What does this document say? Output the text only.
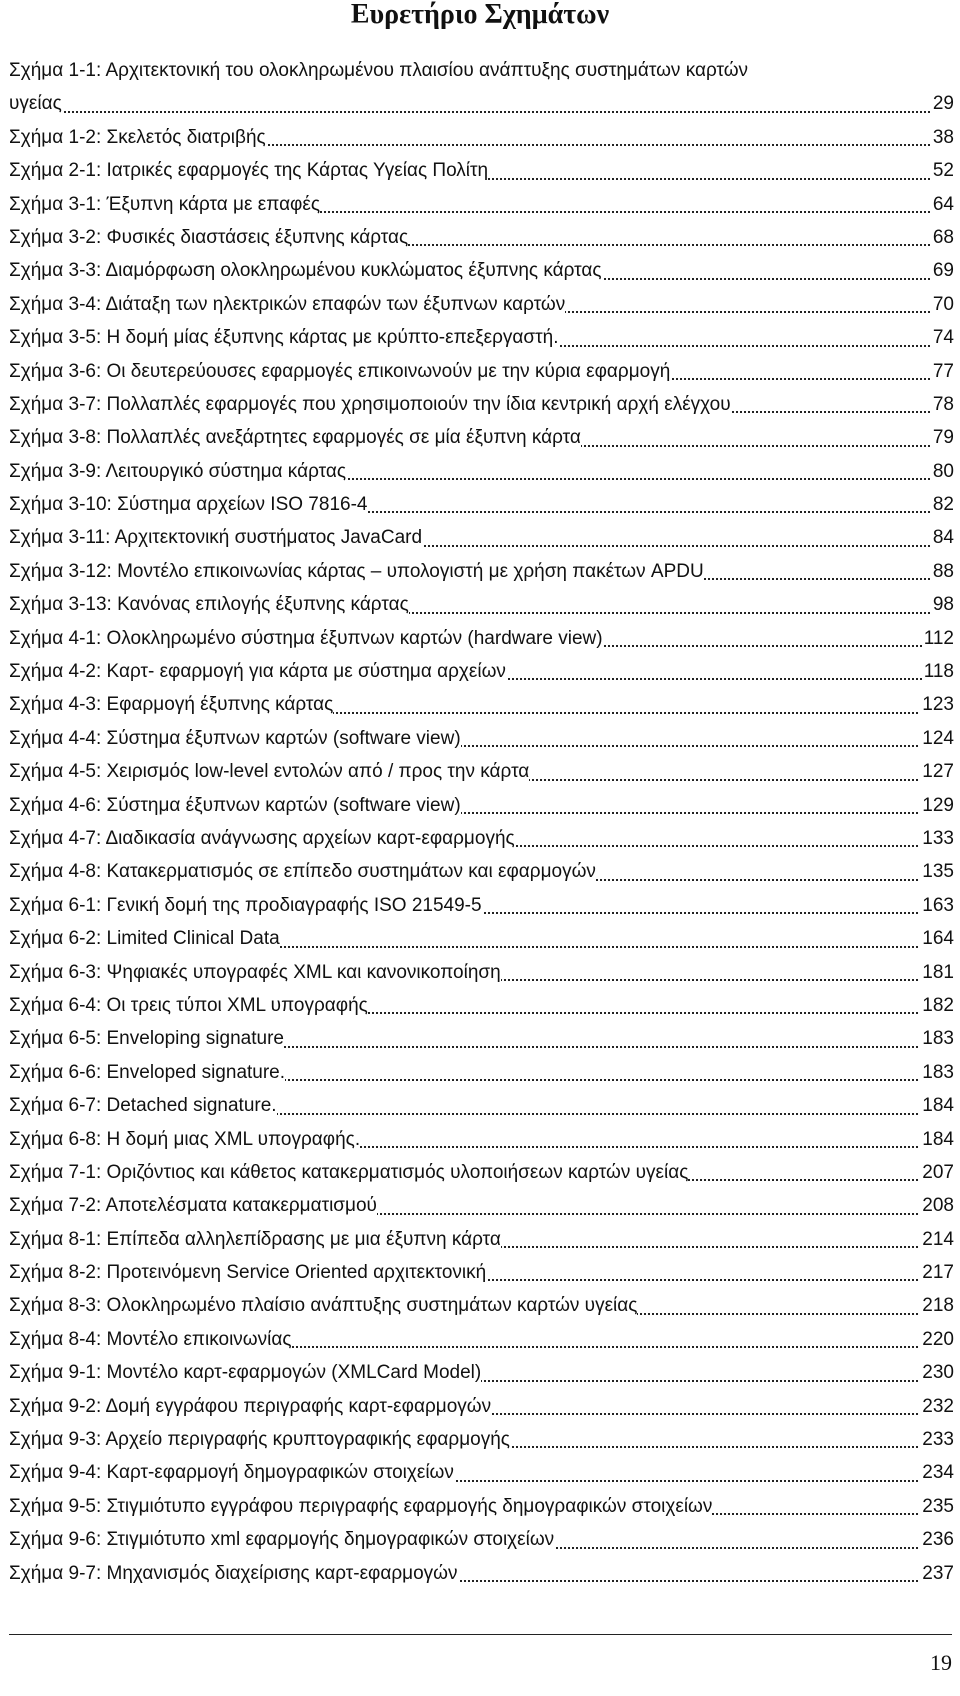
Ευρετήριο Σχημάτων
Σχήμα 1-1: Αρχιτεκτονική του ολοκληρωμένου πλαισίου ανάπτυξης συστημάτων καρτών
υγείας	29
Σχήμα 1-2: Σκελετός διατριβής	38
Σχήμα 2-1: Ιατρικές εφαρμογές της Κάρτας Υγείας Πολίτη	52
Σχήμα 3-1: Έξυπνη κάρτα με επαφές	64
Σχήμα 3-2: Φυσικές διαστάσεις έξυπνης κάρτας	68
Σχήμα 3-3: Διαμόρφωση ολοκληρωμένου κυκλώματος έξυπνης κάρτας	69
Σχήμα 3-4: Διάταξη των ηλεκτρικών επαφών των έξυπνων καρτών	70
Σχήμα 3-5: Η δομή μίας έξυπνης κάρτας με κρύπτο-επεξεργαστή.	74
Σχήμα 3-6: Οι δευτερεύουσες εφαρμογές επικοινωνούν με την κύρια εφαρμογή	77
Σχήμα 3-7: Πολλαπλές εφαρμογές που χρησιμοποιούν την ίδια κεντρική αρχή ελέγχου	78
Σχήμα 3-8: Πολλαπλές ανεξάρτητες εφαρμογές σε μία έξυπνη κάρτα	79
Σχήμα 3-9: Λειτουργικό σύστημα κάρτας	80
Σχήμα 3-10: Σύστημα αρχείων ISO 7816-4	82
Σχήμα 3-11: Αρχιτεκτονική συστήματος JavaCard	84
Σχήμα 3-12: Μοντέλο επικοινωνίας κάρτας – υπολογιστή με χρήση πακέτων APDU	88
Σχήμα 3-13: Κανόνας επιλογής έξυπνης κάρτας	98
Σχήμα 4-1: Ολοκληρωμένο σύστημα έξυπνων καρτών (hardware view)	112
Σχήμα 4-2: Καρτ- εφαρμογή για κάρτα με σύστημα αρχείων	118
Σχήμα 4-3: Εφαρμογή έξυπνης κάρτας	123
Σχήμα 4-4: Σύστημα έξυπνων καρτών (software view)	124
Σχήμα 4-5: Χειρισμός low-level εντολών από / προς την κάρτα	127
Σχήμα 4-6: Σύστημα έξυπνων καρτών (software view)	129
Σχήμα 4-7: Διαδικασία ανάγνωσης αρχείων καρτ-εφαρμογής	133
Σχήμα 4-8: Κατακερματισμός σε επίπεδο συστημάτων και εφαρμογών	135
Σχήμα 6-1: Γενική δομή της προδιαγραφής ISO 21549-5	163
Σχήμα 6-2: Limited Clinical Data	164
Σχήμα 6-3: Ψηφιακές υπογραφές XML και κανονικοποίηση	181
Σχήμα 6-4: Οι τρεις τύποι XML υπογραφής	182
Σχήμα 6-5: Enveloping signature	183
Σχήμα 6-6: Enveloped signature.	183
Σχήμα 6-7: Detached signature.	184
Σχήμα 6-8: Η δομή μιας XML υπογραφής.	184
Σχήμα 7-1: Οριζόντιος και κάθετος κατακερματισμός υλοποιήσεων καρτών υγείας	207
Σχήμα 7-2: Αποτελέσματα κατακερματισμού	208
Σχήμα 8-1: Επίπεδα αλληλεπίδρασης με μια έξυπνη κάρτα	214
Σχήμα 8-2: Προτεινόμενη Service Oriented αρχιτεκτονική	217
Σχήμα 8-3: Ολοκληρωμένο πλαίσιο ανάπτυξης συστημάτων καρτών υγείας	218
Σχήμα 8-4: Μοντέλο επικοινωνίας	220
Σχήμα 9-1: Μοντέλο καρτ-εφαρμογών (XMLCard Model)	230
Σχήμα 9-2: Δομή εγγράφου περιγραφής καρτ-εφαρμογών	232
Σχήμα 9-3: Αρχείο περιγραφής κρυπτογραφικής εφαρμογής	233
Σχήμα 9-4: Καρτ-εφαρμογή δημογραφικών στοιχείων	234
Σχήμα 9-5: Στιγμιότυπο εγγράφου περιγραφής εφαρμογής δημογραφικών στοιχείων	235
Σχήμα 9-6: Στιγμιότυπο xml εφαρμογής δημογραφικών στοιχείων	236
Σχήμα 9-7: Μηχανισμός διαχείρισης καρτ-εφαρμογών	237
19
